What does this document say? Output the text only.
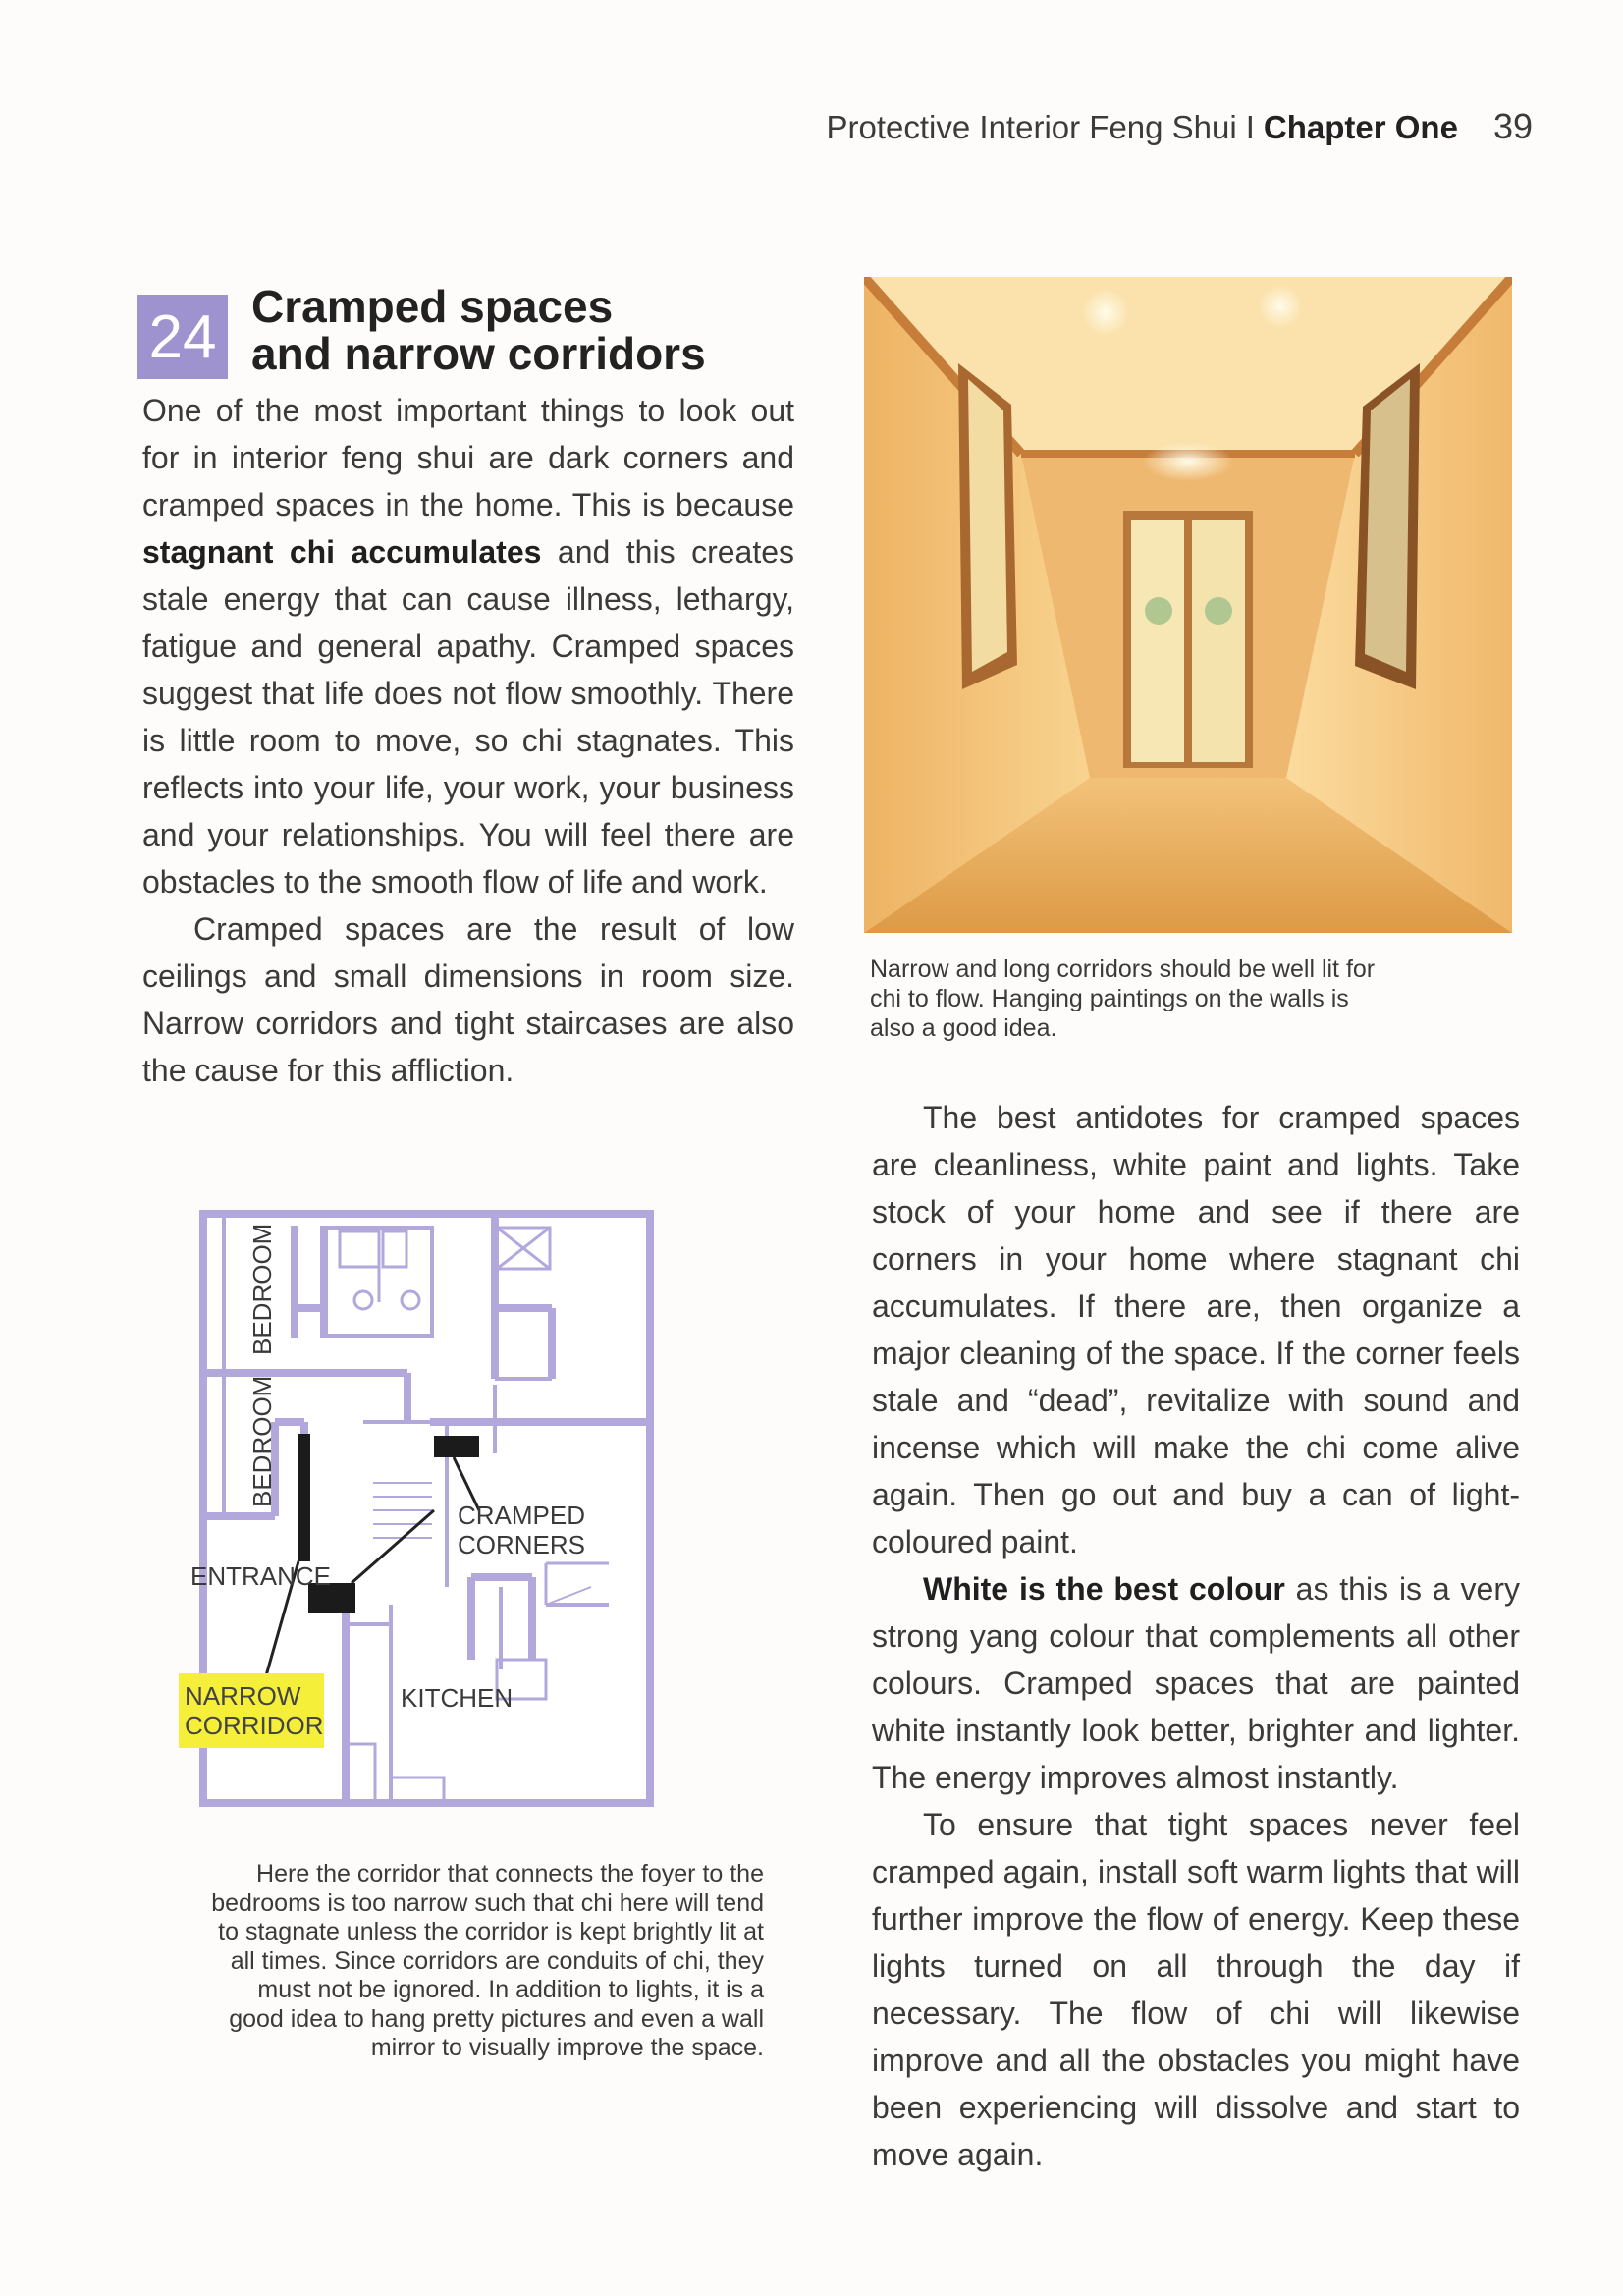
Protective Interior Feng Shui I Chapter One 39
24 Cramped spaces
and narrow corridors

One of the most important things to look out for in interior feng shui are dark corners and cramped spaces in the home. This is because stagnant chi accumulates and this creates stale energy that can cause illness, lethargy, fatigue and general apathy. Cramped spaces suggest that life does not flow smoothly. There is little room to move, so chi stagnates. This reflects into your life, your work, your business and your relationships. You will feel there are obstacles to the smooth flow of life and work.

Cramped spaces are the result of low ceilings and small dimensions in room size. Narrow corridors and tight staircases are also the cause for this affliction.

Narrow and long corridors should be well lit for chi to flow. Hanging paintings on the walls is also a good idea.
BEDROOM
BEDROOM
CRAMPED
CORNERS
KITCHEN
ENTRANCE
NARROW
CORRIDOR
Here the corridor that connects the foyer to the bedrooms is too narrow such that chi here will tend to stagnate unless the corridor is kept brightly lit at all times. Since corridors are conduits of chi, they must not be ignored. In addition to lights, it is a good idea to hang pretty pictures and even a wall mirror to visually improve the space.

The best antidotes for cramped spaces are cleanliness, white paint and lights. Take stock of your home and see if there are corners in your home where stagnant chi accumulates. If there are, then organize a major cleaning of the space. If the corner feels stale and “dead”, revitalize with sound and incense which will make the chi come alive again. Then go out and buy a can of light-coloured paint.

White is the best colour as this is a very strong yang colour that complements all other colours. Cramped spaces that are painted white instantly look better, brighter and lighter. The energy improves almost instantly.

To ensure that tight spaces never feel cramped again, install soft warm lights that will further improve the flow of energy. Keep these lights turned on all through the day if necessary. The flow of chi will likewise improve and all the obstacles you might have been experiencing will dissolve and start to move again.
